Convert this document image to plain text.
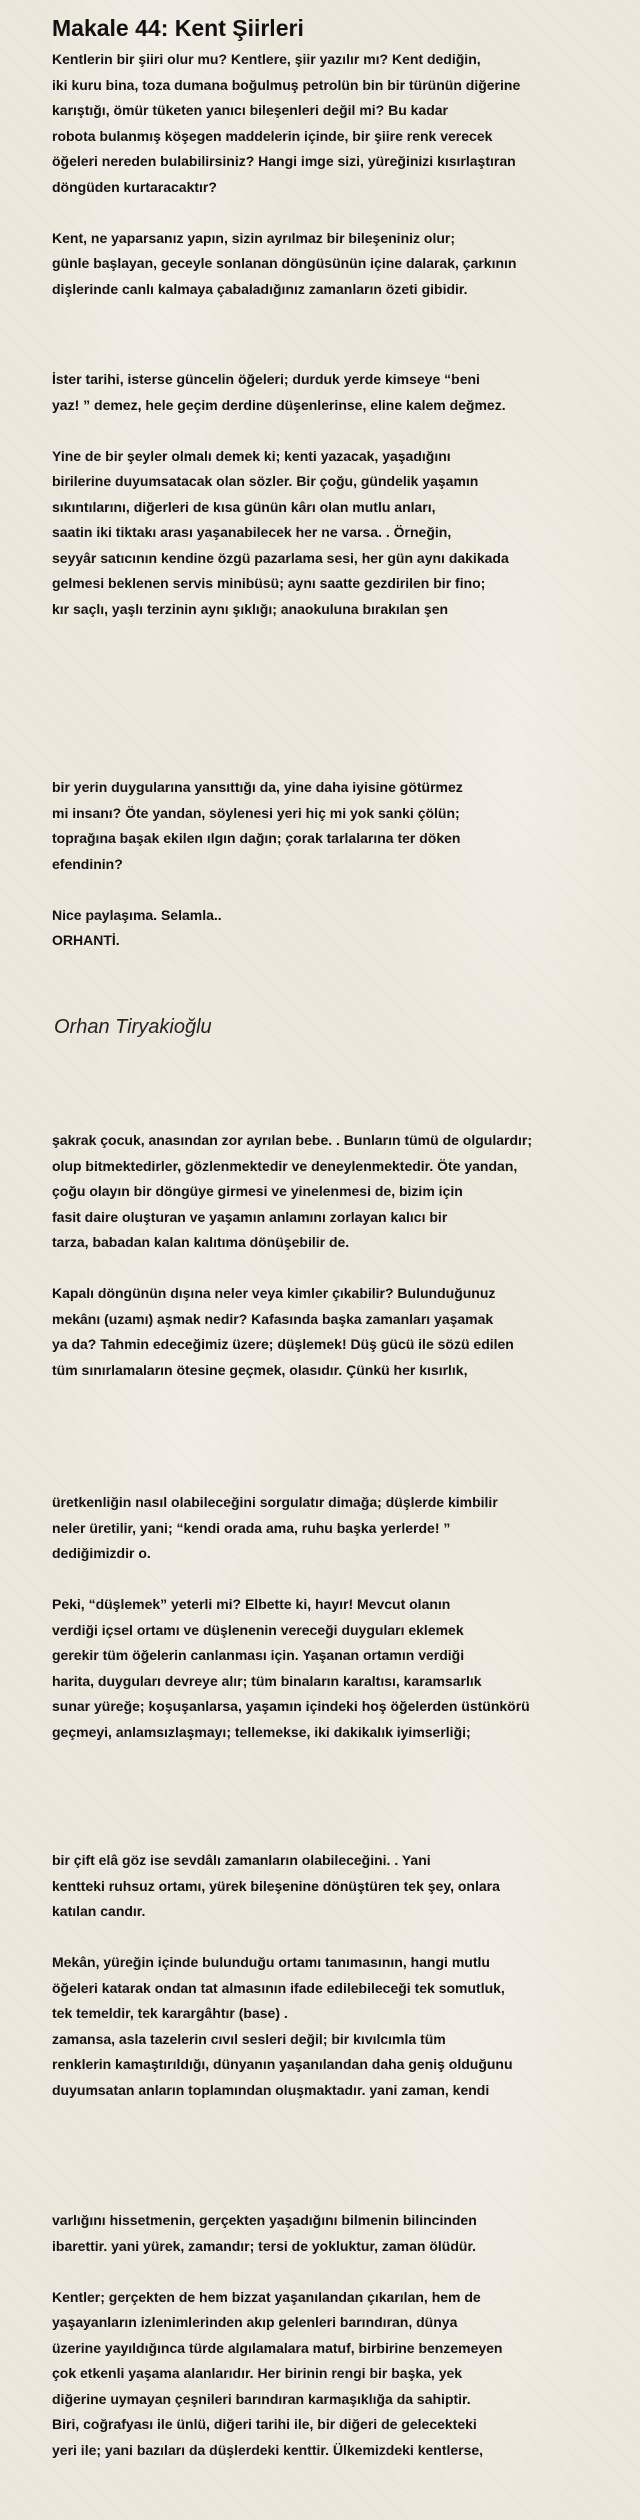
Makale 44: Kent Şiirleri
Kentlerin bir şiiri olur mu? Kentlere, şiir yazılır mı? Kent dediğin,
iki kuru bina, toza dumana boğulmuş petrolün bin bir türünün diğerine
karıştığı, ömür tüketen yanıcı bileşenleri değil mi? Bu kadar
robota bulanmış köşegen maddelerin içinde, bir şiire renk verecek
öğeleri nereden bulabilirsiniz? Hangi imge sizi, yüreğinizi kısırlaştıran
döngüden kurtaracaktır?
Kent, ne yaparsanız yapın, sizin ayrılmaz bir bileşeniniz olur;
günle başlayan, geceyle sonlanan döngüsünün içine dalarak, çarkının
dişlerinde canlı kalmaya çabaladığınız zamanların özeti gibidir.
İster tarihi, isterse güncelin öğeleri; durduk yerde kimseye “beni
yaz! ” demez, hele geçim derdine düşenlerinse, eline kalem değmez.
Yine de bir şeyler olmalı demek ki; kenti yazacak, yaşadığını
birilerine duyumsatacak olan sözler. Bir çoğu, gündelik yaşamın
sıkıntılarını, diğerleri de kısa günün kârı olan mutlu anları,
saatin iki tiktakı arası yaşanabilecek her ne varsa. . Örneğin,
seyyâr satıcının kendine özgü pazarlama sesi, her gün aynı dakikada
gelmesi beklenen servis minibüsü; aynı saatte gezdirilen bir fino;
kır saçlı, yaşlı terzinin aynı şıklığı; anaokuluna bırakılan şen
bir yerin duygularına yansıttığı da, yine daha iyisine götürmez
mi insanı? Öte yandan, söylenesi yeri hiç mi yok sanki çölün;
toprağına başak ekilen ılgın dağın; çorak tarlalarına ter döken
efendinin?
Nice paylaşıma. Selamla..
ORHANTİ.
Orhan Tiryakioğlu
şakrak çocuk, anasından zor ayrılan bebe. . Bunların tümü de olgulardır;
olup bitmektedirler, gözlenmektedir ve deneylenmektedir. Öte yandan,
çoğu olayın bir döngüye girmesi ve yinelenmesi de, bizim için
fasit daire oluşturan ve yaşamın anlamını zorlayan kalıcı bir
tarza, babadan kalan kalıtıma dönüşebilir de.
Kapalı döngünün dışına neler veya kimler çıkabilir? Bulunduğunuz
mekânı (uzamı) aşmak nedir? Kafasında başka zamanları yaşamak
ya da? Tahmin edeceğimiz üzere; düşlemek! Düş gücü ile sözü edilen
tüm sınırlamaların ötesine geçmek, olasıdır. Çünkü her kısırlık,
üretkenliğin nasıl olabileceğini sorgulatır dimağa; düşlerde kimbilir
neler üretilir, yani; “kendi orada ama, ruhu başka yerlerde! ”
dediğimizdir o.
Peki, “düşlemek” yeterli mi? Elbette ki, hayır! Mevcut olanın
verdiği içsel ortamı ve düşlenenin vereceği duyguları eklemek
gerekir tüm öğelerin canlanması için. Yaşanan ortamın verdiği
harita, duyguları devreye alır; tüm binaların karaltısı, karamsarlık
sunar yüreğe; koşuşanlarsa, yaşamın içindeki hoş öğelerden üstünkörü
geçmeyi, anlamsızlaşmayı; tellemekse, iki dakikalık iyimserliği;
bir çift elâ göz ise sevdâlı zamanların olabileceğini. . Yani
kentteki ruhsuz ortamı, yürek bileşenine dönüştüren tek şey, onlara
katılan candır.
Mekân, yüreğin içinde bulunduğu ortamı tanımasının, hangi mutlu
öğeleri katarak ondan tat almasının ifade edilebileceği tek somutluk,
tek temeldir, tek karargâhtır (base) .
zamansa, asla tazelerin cıvıl sesleri değil; bir kıvılcımla tüm
renklerin kamaştırıldığı, dünyanın yaşanılandan daha geniş olduğunu
duyumsatan anların toplamından oluşmaktadır. yani zaman, kendi
varlığını hissetmenin, gerçekten yaşadığını bilmenin bilincinden
ibarettir. yani yürek, zamandır; tersi de yokluktur, zaman ölüdür.
Kentler; gerçekten de hem bizzat yaşanılandan çıkarılan, hem de
yaşayanların izlenimlerinden akıp gelenleri barındıran, dünya
üzerine yayıldığınca türde algılamalara matuf, birbirine benzemeyen
çok etkenli yaşama alanlarıdır. Her birinin rengi bir başka, yek
diğerine uymayan çeşnileri barındıran karmaşıklığa da sahiptir.
Biri, coğrafyası ile ünlü, diğeri tarihi ile, bir diğeri de gelecekteki
yeri ile; yani bazıları da düşlerdeki kenttir. Ülkemizdeki kentlerse,
